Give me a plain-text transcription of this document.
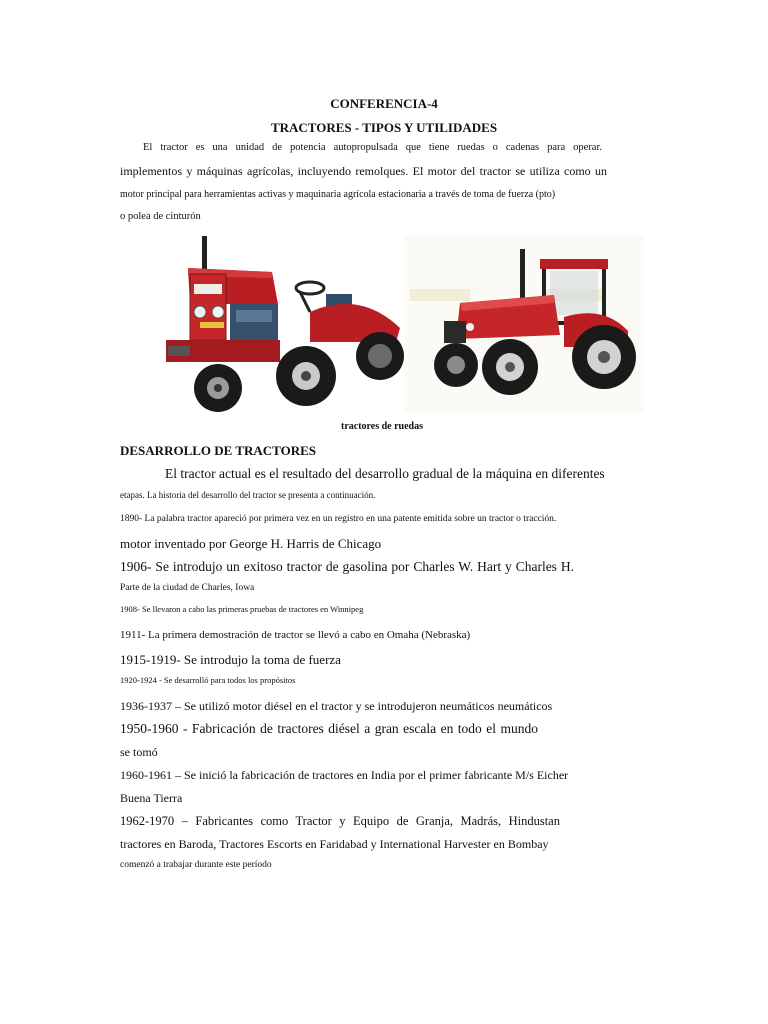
CONFERENCIA-4
TRACTORES - TIPOS Y UTILIDADES
El tractor es una unidad de potencia autopropulsada que tiene ruedas o cadenas para operar.
implementos y máquinas agrícolas, incluyendo remolques. El motor del tractor se utiliza como un
motor principal para herramientas activas y maquinaria agrícola estacionaria a través de toma de fuerza (pto)
o polea de cinturón
tractores de ruedas
DESARROLLO DE TRACTORES
El tractor actual es el resultado del desarrollo gradual de la máquina en diferentes
etapas. La historia del desarrollo del tractor se presenta a continuación.
1890- La palabra tractor apareció por primera vez en un registro en una patente emitida sobre un tractor o tracción.
motor inventado por George H. Harris de Chicago
1906- Se introdujo un exitoso tractor de gasolina por Charles W. Hart y Charles H.
Parte de la ciudad de Charles, Iowa
1908- Se llevaron a cabo las primeras pruebas de tractores en Winnipeg
1911- La primera demostración de tractor se llevó a cabo en Omaha (Nebraska)
1915-1919- Se introdujo la toma de fuerza
1920-1924 - Se desarrolló para todos los propósitos
1936-1937 – Se utilizó motor diésel en el tractor y se introdujeron neumáticos neumáticos
1950-1960 - Fabricación de tractores diésel a gran escala en todo el mundo
se tomó
1960-1961 – Se inició la fabricación de tractores en India por el primer fabricante M/s Eicher
Buena Tierra
1962-1970 – Fabricantes como Tractor y Equipo de Granja, Madrás, Hindustan
tractores en Baroda, Tractores Escorts en Faridabad y International Harvester en Bombay
comenzó a trabajar durante este período
